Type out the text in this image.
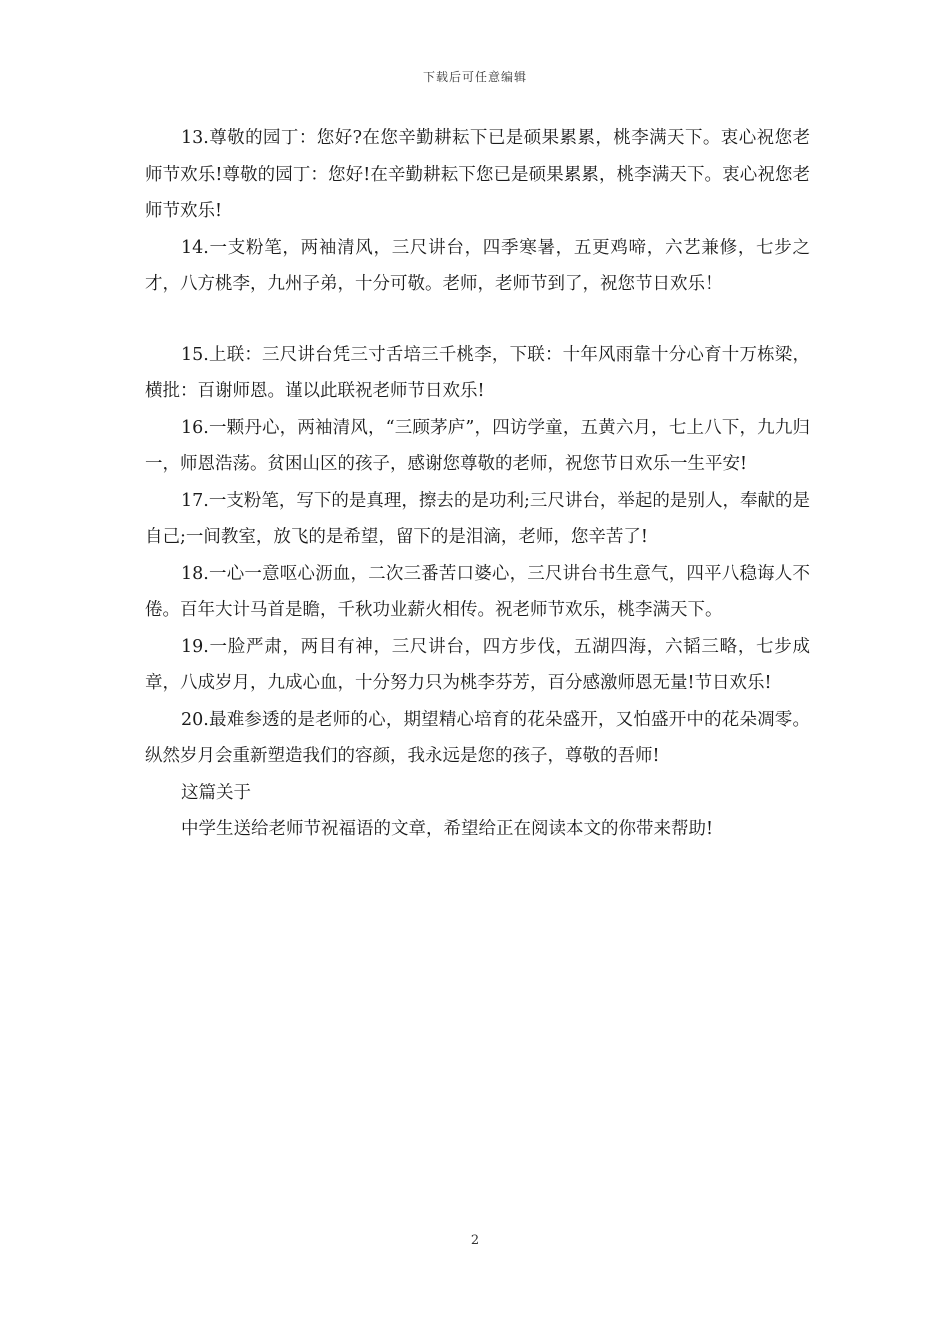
下载后可任意编辑

13.尊敬的园丁：您好?在您辛勤耕耘下已是硕果累累，桃李满天下。衷心祝您老师节欢乐!尊敬的园丁：您好!在辛勤耕耘下您已是硕果累累，桃李满天下。衷心祝您老师节欢乐!

14.一支粉笔，两袖清风，三尺讲台，四季寒暑，五更鸡啼，六艺兼修，七步之才，八方桃李，九州子弟，十分可敬。老师，老师节到了，祝您节日欢乐！

15.上联：三尺讲台凭三寸舌培三千桃李，下联：十年风雨靠十分心育十万栋梁，横批：百谢师恩。谨以此联祝老师节日欢乐!

16.一颗丹心，两袖清风，“三顾茅庐”，四访学童，五黄六月，七上八下，九九归一，师恩浩荡。贫困山区的孩子，感谢您尊敬的老师，祝您节日欢乐一生平安!

17.一支粉笔，写下的是真理，擦去的是功利;三尺讲台，举起的是别人，奉献的是自己;一间教室，放飞的是希望，留下的是泪滴，老师，您辛苦了!

18.一心一意呕心沥血，二次三番苦口婆心，三尺讲台书生意气，四平八稳诲人不倦。百年大计马首是瞻，千秋功业薪火相传。祝老师节欢乐，桃李满天下。

19.一脸严肃，两目有神，三尺讲台，四方步伐，五湖四海，六韬三略，七步成章，八成岁月，九成心血，十分努力只为桃李芬芳，百分感激师恩无量!节日欢乐!

20.最难参透的是老师的心，期望精心培育的花朵盛开，又怕盛开中的花朵凋零。纵然岁月会重新塑造我们的容颜，我永远是您的孩子，尊敬的吾师!

这篇关于

中学生送给老师节祝福语的文章，希望给正在阅读本文的你带来帮助!

2
